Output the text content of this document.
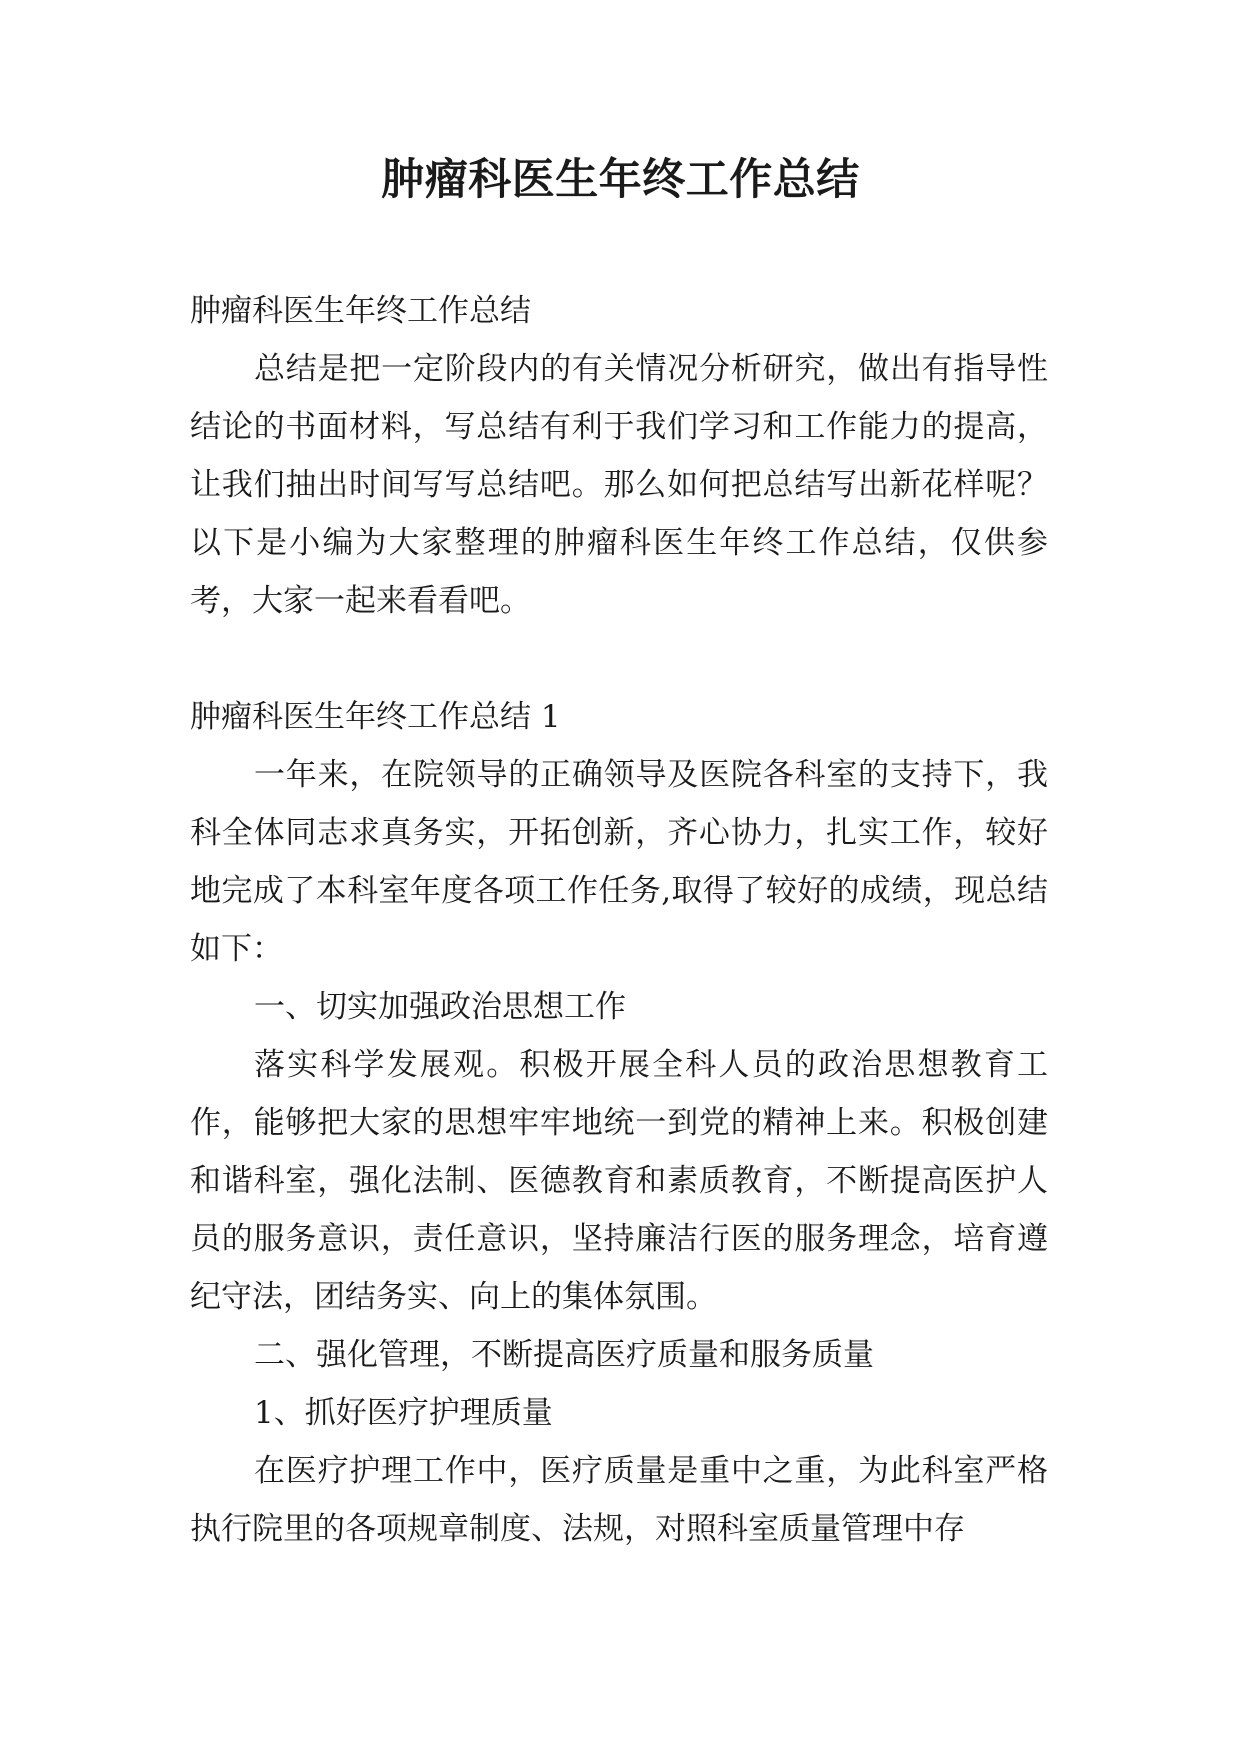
肿瘤科医生年终工作总结

肿瘤科医生年终工作总结

总结是把一定阶段内的有关情况分析研究，做出有指导性结论的书面材料，写总结有利于我们学习和工作能力的提高，让我们抽出时间写写总结吧。那么如何把总结写出新花样呢？以下是小编为大家整理的肿瘤科医生年终工作总结，仅供参考，大家一起来看看吧。

肿瘤科医生年终工作总结 1

一年来，在院领导的正确领导及医院各科室的支持下，我科全体同志求真务实，开拓创新，齐心协力，扎实工作，较好地完成了本科室年度各项工作任务,取得了较好的成绩，现总结如下：

一、切实加强政治思想工作

落实科学发展观。积极开展全科人员的政治思想教育工作，能够把大家的思想牢牢地统一到党的精神上来。积极创建和谐科室，强化法制、医德教育和素质教育，不断提高医护人员的服务意识，责任意识，坚持廉洁行医的服务理念，培育遵纪守法，团结务实、向上的集体氛围。

二、强化管理，不断提高医疗质量和服务质量

1、抓好医疗护理质量

在医疗护理工作中，医疗质量是重中之重，为此科室严格执行院里的各项规章制度、法规，对照科室质量管理中存
